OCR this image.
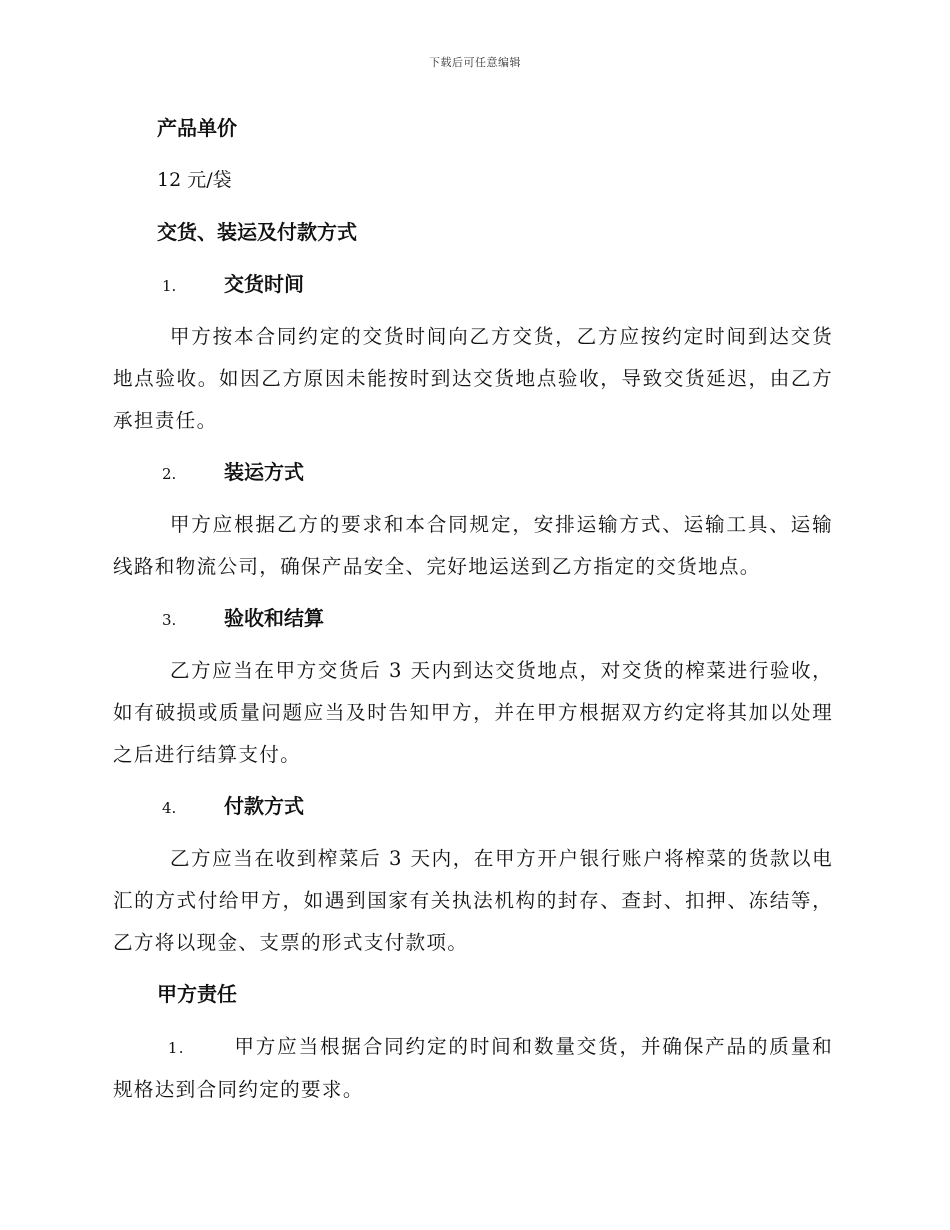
下载后可任意编辑
产品单价
12 元/袋
交货、装运及付款方式
1. 交货时间

甲方按本合同约定的交货时间向乙方交货，乙方应按约定时间到达交货地点验收。如因乙方原因未能按时到达交货地点验收，导致交货延迟，由乙方承担责任。

2. 装运方式

甲方应根据乙方的要求和本合同规定，安排运输方式、运输工具、运输线路和物流公司，确保产品安全、完好地运送到乙方指定的交货地点。

3. 验收和结算

乙方应当在甲方交货后 3 天内到达交货地点，对交货的榨菜进行验收，如有破损或质量问题应当及时告知甲方，并在甲方根据双方约定将其加以处理之后进行结算支付。

4. 付款方式

乙方应当在收到榨菜后 3 天内，在甲方开户银行账户将榨菜的货款以电汇的方式付给甲方，如遇到国家有关执法机构的封存、查封、扣押、冻结等，乙方将以现金、支票的形式支付款项。

甲方责任

1.	甲方应当根据合同约定的时间和数量交货，并确保产品的质量和规格达到合同约定的要求。
